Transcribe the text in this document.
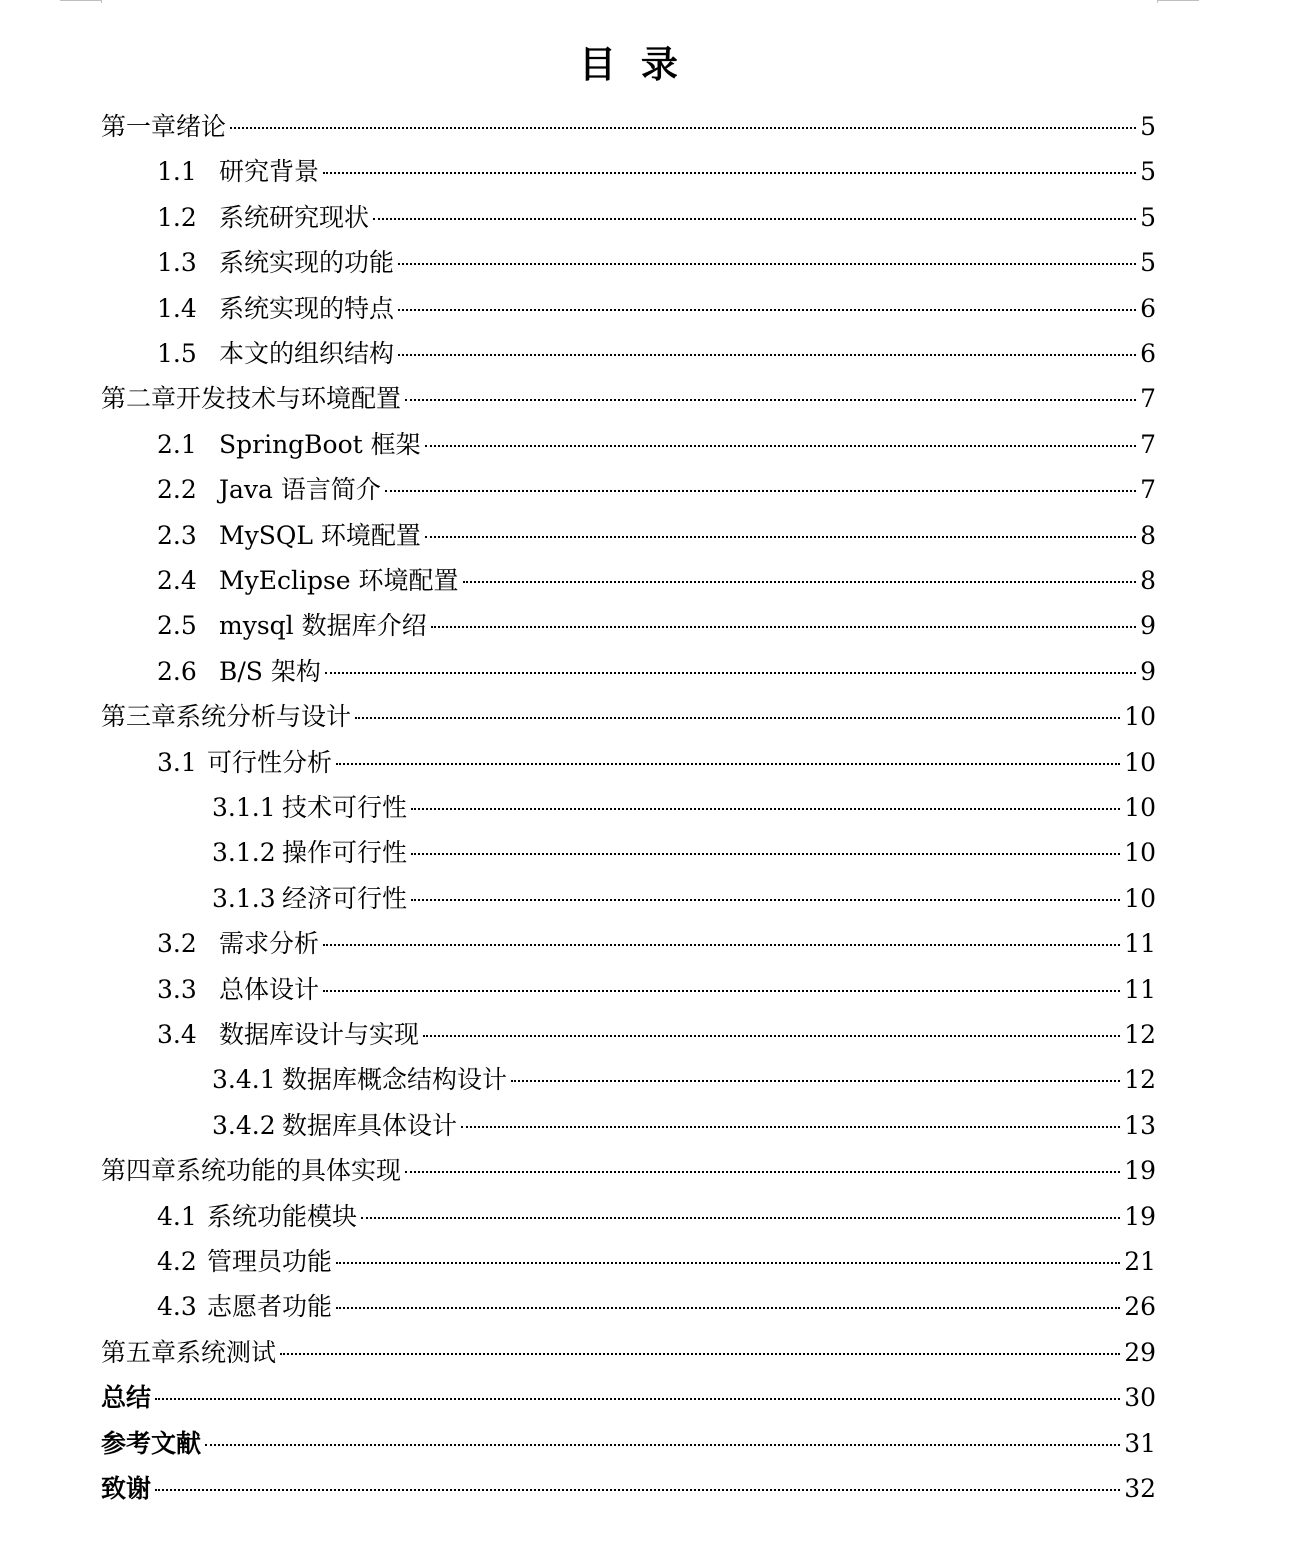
目 录
第一章绪论	5
1.1 研究背景	5
1.2 系统研究现状	5
1.3 系统实现的功能	5
1.4 系统实现的特点	6
1.5 本文的组织结构	6
第二章开发技术与环境配置	7
2.1 SpringBoot 框架	7
2.2 Java 语言简介	7
2.3 MySQL 环境配置	8
2.4 MyEclipse 环境配置	8
2.5 mysql 数据库介绍	9
2.6 B/S 架构	9
第三章系统分析与设计	10
3.1 可行性分析	10
3.1.1 技术可行性	10
3.1.2 操作可行性	10
3.1.3 经济可行性	10
3.2 需求分析	11
3.3 总体设计	11
3.4 数据库设计与实现	12
3.4.1 数据库概念结构设计	12
3.4.2 数据库具体设计	13
第四章系统功能的具体实现	19
4.1 系统功能模块	19
4.2 管理员功能	21
4.3 志愿者功能	26
第五章系统测试	29
总结	30
参考文献	31
致谢	32
